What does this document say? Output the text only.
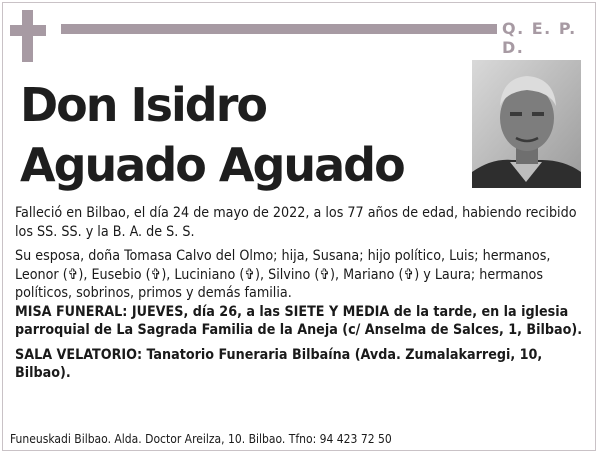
Q. E. P. D.
Don Isidro
Aguado Aguado

Falleció en Bilbao, el día 24 de mayo de 2022, a los 77 años de edad, habiendo recibido los SS. SS. y la B. A. de S. S.

Su esposa, doña Tomasa Calvo del Olmo; hija, Susana; hijo político, Luis; hermanos, Leonor (✞), Eusebio (✞), Luciniano (✞), Silvino (✞), Mariano (✞) y Laura; hermanos políticos, sobrinos, primos y demás familia.

MISA FUNERAL: JUEVES, día 26, a las SIETE Y MEDIA de la tarde, en la iglesia parroquial de La Sagrada Familia de la Aneja (c/ Anselma de Salces, 1, Bilbao).

SALA VELATORIO: Tanatorio Funeraria Bilbaína (Avda. Zumalakarregi, 10, Bilbao).

Funeuskadi Bilbao. Alda. Doctor Areilza, 10. Bilbao. Tfno: 94 423 72 50
